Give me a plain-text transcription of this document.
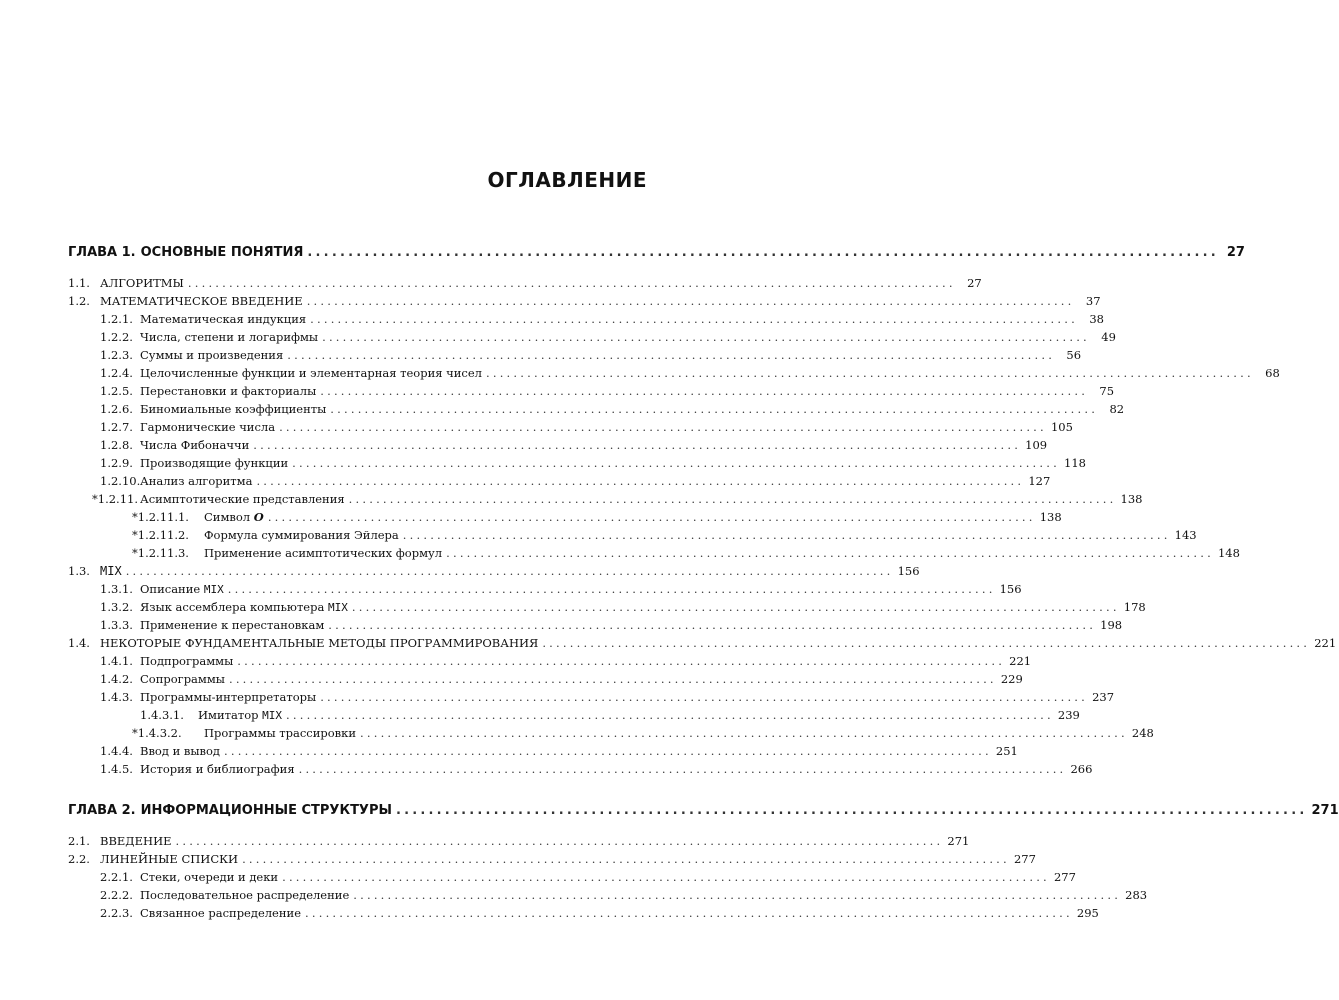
ОГЛАВЛЕНИЕ
ГЛАВА 1. ОСНОВНЫЕ ПОНЯТИЯ ................................................................................................................ 27
1.1. АЛГОРИТМЫ ................................................................................................................ 27
1.2. МАТЕМАТИЧЕСКОЕ ВВЕДЕНИЕ ................................................................................................................ 37
1.2.1. Математическая индукция ................................................................................................................ 38
1.2.2. Числа, степени и логарифмы ................................................................................................................ 49
1.2.3. Суммы и произведения ................................................................................................................ 56
1.2.4. Целочисленные функции и элементарная теория чисел ................................................................................................................ 68
1.2.5. Перестановки и факториалы ................................................................................................................ 75
1.2.6. Биномиальные коэффициенты ................................................................................................................ 82
1.2.7. Гармонические числа ................................................................................................................ 105
1.2.8. Числа Фибоначчи ................................................................................................................ 109
1.2.9. Производящие функции ................................................................................................................ 118
1.2.10. Анализ алгоритма ................................................................................................................ 127
*1.2.11. Асимптотические представления ................................................................................................................ 138
*1.2.11.1.	Символ O ................................................................................................................ 138
*1.2.11.2.	Формула суммирования Эйлера ................................................................................................................ 143
*1.2.11.3.	Применение асимптотических формул ................................................................................................................ 148
1.3. MIX ................................................................................................................ 156
1.3.1. Описание MIX ................................................................................................................ 156
1.3.2. Язык ассемблера компьютера MIX ................................................................................................................ 178
1.3.3. Применение к перестановкам ................................................................................................................ 198
1.4. НЕКОТОРЫЕ ФУНДАМЕНТАЛЬНЫЕ МЕТОДЫ ПРОГРАММИРОВАНИЯ ................................................................................................................ 221
1.4.1. Подпрограммы ................................................................................................................ 221
1.4.2. Сопрограммы ................................................................................................................ 229
1.4.3. Программы-интерпретаторы ................................................................................................................ 237
1.4.3.1.	Имитатор MIX ................................................................................................................ 239
*1.4.3.2.	Программы трассировки ................................................................................................................ 248
1.4.4. Ввод и вывод ................................................................................................................ 251
1.4.5. История и библиография ................................................................................................................ 266
ГЛАВА 2. ИНФОРМАЦИОННЫЕ СТРУКТУРЫ ................................................................................................................ 271
2.1. ВВЕДЕНИЕ ................................................................................................................ 271
2.2. ЛИНЕЙНЫЕ СПИСКИ ................................................................................................................ 277
2.2.1. Стеки, очереди и деки ................................................................................................................ 277
2.2.2. Последовательное распределение ................................................................................................................ 283
2.2.3. Связанное распределение ................................................................................................................ 295
